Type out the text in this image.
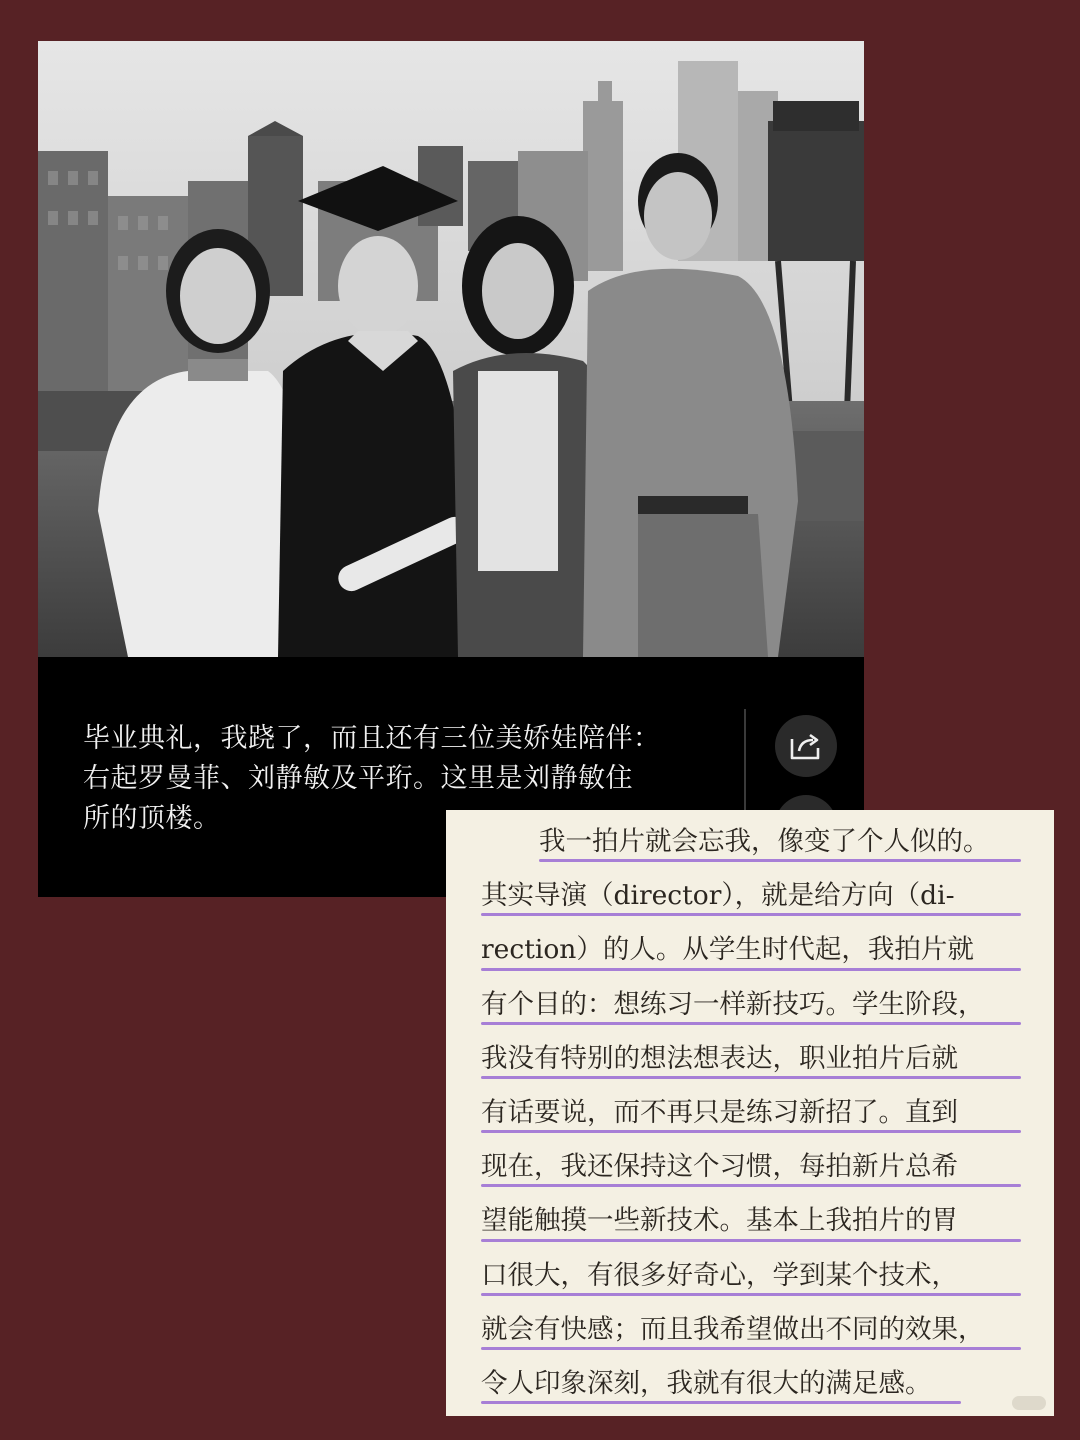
毕业典礼，我跷了，而且还有三位美娇娃陪伴：
右起罗曼菲、刘静敏及平珩。这里是刘静敏住
所的顶楼。
我一拍片就会忘我，像变了个人似的。
其实导演（director），就是给方向（di-
rection）的人。从学生时代起，我拍片就
有个目的：想练习一样新技巧。学生阶段，
我没有特别的想法想表达，职业拍片后就
有话要说，而不再只是练习新招了。直到
现在，我还保持这个习惯，每拍新片总希
望能触摸一些新技术。基本上我拍片的胃
口很大，有很多好奇心，学到某个技术，
就会有快感；而且我希望做出不同的效果，
令人印象深刻，我就有很大的满足感。
